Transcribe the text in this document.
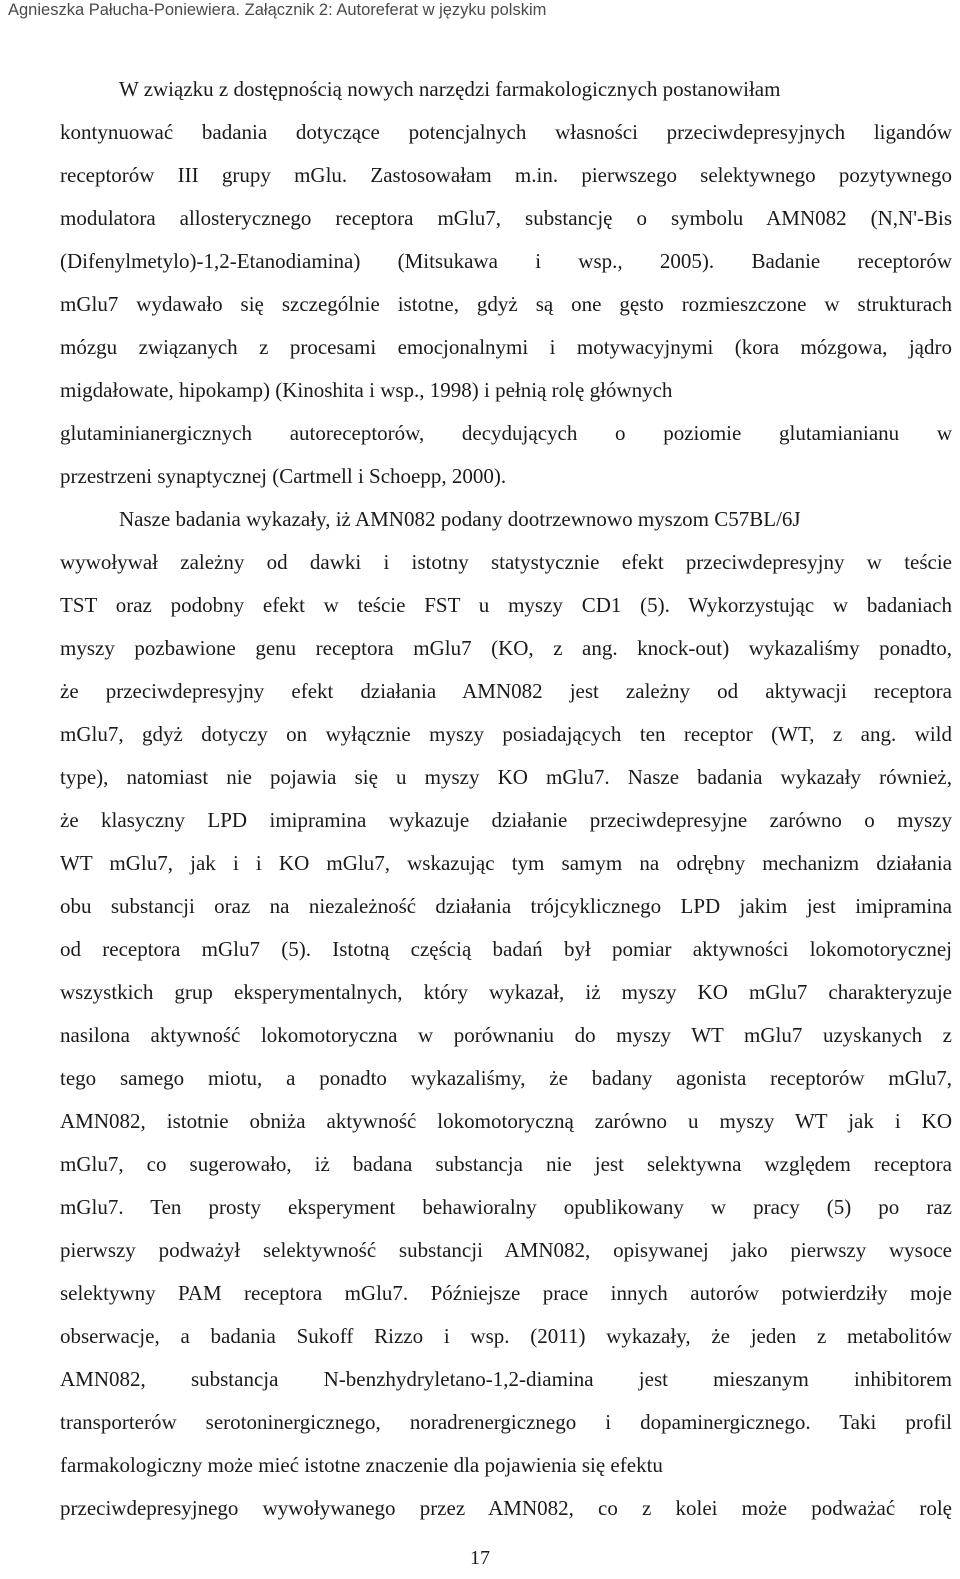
Agnieszka Pałucha-Poniewiera. Załącznik 2: Autoreferat w języku polskim
W związku z dostępnością nowych narzędzi farmakologicznych postanowiłam
kontynuować badania dotyczące potencjalnych własności przeciwdepresyjnych ligandów
receptorów III grupy mGlu. Zastosowałam m.in. pierwszego selektywnego pozytywnego
modulatora allosterycznego receptora mGlu7, substancję o symbolu AMN082 (N,N'-Bis
(Difenylmetylo)-1,2-Etanodiamina) (Mitsukawa i wsp., 2005). Badanie receptorów
mGlu7 wydawało się szczególnie istotne, gdyż są one gęsto rozmieszczone w strukturach
mózgu związanych z procesami emocjonalnymi i motywacyjnymi (kora mózgowa, jądro
migdałowate, hipokamp) (Kinoshita i wsp., 1998) i pełnią rolę głównych
glutaminianergicznych autoreceptorów, decydujących o poziomie glutamianianu w
przestrzeni synaptycznej (Cartmell i Schoepp, 2000).
Nasze badania wykazały, iż AMN082 podany dootrzewnowo myszom C57BL/6J
wywoływał zależny od dawki i istotny statystycznie efekt przeciwdepresyjny w teście
TST oraz podobny efekt w teście FST u myszy CD1 (5). Wykorzystując w badaniach
myszy pozbawione genu receptora mGlu7 (KO, z ang. knock-out) wykazaliśmy ponadto,
że przeciwdepresyjny efekt działania AMN082 jest zależny od aktywacji receptora
mGlu7, gdyż dotyczy on wyłącznie myszy posiadających ten receptor (WT, z ang. wild
type), natomiast nie pojawia się u myszy KO mGlu7. Nasze badania wykazały również,
że klasyczny LPD imipramina wykazuje działanie przeciwdepresyjne zarówno o myszy
WT mGlu7, jak i i KO mGlu7, wskazując tym samym na odrębny mechanizm działania
obu substancji oraz na niezależność działania trójcyklicznego LPD jakim jest imipramina
od receptora mGlu7 (5). Istotną częścią badań był pomiar aktywności lokomotorycznej
wszystkich grup eksperymentalnych, który wykazał, iż myszy KO mGlu7 charakteryzuje
nasilona aktywność lokomotoryczna w porównaniu do myszy WT mGlu7 uzyskanych z
tego samego miotu, a ponadto wykazaliśmy, że badany agonista receptorów mGlu7,
AMN082, istotnie obniża aktywność lokomotoryczną zarówno u myszy WT jak i KO
mGlu7, co sugerowało, iż badana substancja nie jest selektywna względem receptora
mGlu7. Ten prosty eksperyment behawioralny opublikowany w pracy (5) po raz
pierwszy podważył selektywność substancji AMN082, opisywanej jako pierwszy wysoce
selektywny PAM receptora mGlu7. Późniejsze prace innych autorów potwierdziły moje
obserwacje, a badania Sukoff Rizzo i wsp. (2011) wykazały, że jeden z metabolitów
AMN082, substancja N-benzhydryletano-1,2-diamina jest mieszanym inhibitorem
transporterów serotoninergicznego, noradrenergicznego i dopaminergicznego. Taki profil
farmakologiczny może mieć istotne znaczenie dla pojawienia się efektu
przeciwdepresyjnego wywoływanego przez AMN082, co z kolei może podważać rolę
17
